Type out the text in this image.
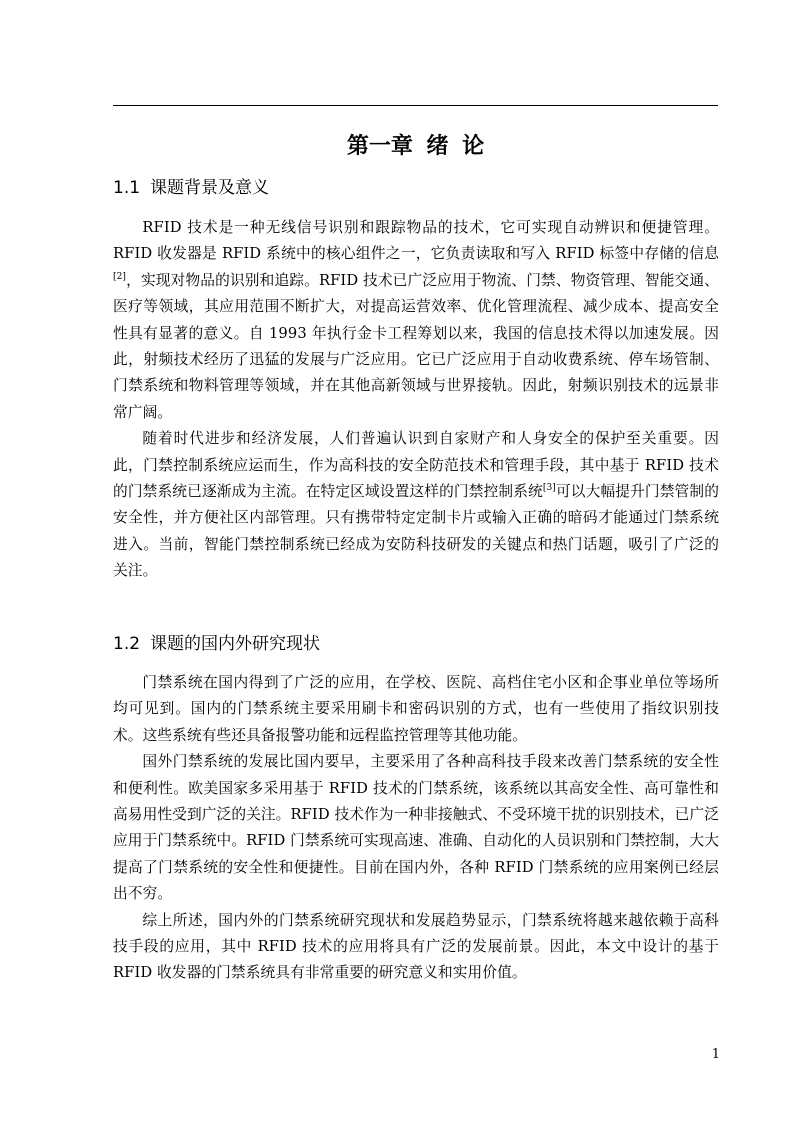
第一章 绪 论
1.1 课题背景及意义

RFID 技术是一种无线信号识别和跟踪物品的技术，它可实现自动辨识和便捷管理。RFID 收发器是 RFID 系统中的核心组件之一，它负责读取和写入 RFID 标签中存储的信息[2]，实现对物品的识别和追踪。RFID 技术已广泛应用于物流、门禁、物资管理、智能交通、医疗等领域，其应用范围不断扩大，对提高运营效率、优化管理流程、减少成本、提高安全性具有显著的意义。自 1993 年执行金卡工程筹划以来，我国的信息技术得以加速发展。因此，射频技术经历了迅猛的发展与广泛应用。它已广泛应用于自动收费系统、停车场管制、门禁系统和物料管理等领域，并在其他高新领域与世界接轨。因此，射频识别技术的远景非常广阔。

随着时代进步和经济发展，人们普遍认识到自家财产和人身安全的保护至关重要。因此，门禁控制系统应运而生，作为高科技的安全防范技术和管理手段，其中基于 RFID 技术的门禁系统已逐渐成为主流。在特定区域设置这样的门禁控制系统[3]可以大幅提升门禁管制的安全性，并方便社区内部管理。只有携带特定定制卡片或输入正确的暗码才能通过门禁系统进入。当前，智能门禁控制系统已经成为安防科技研发的关键点和热门话题，吸引了广泛的关注。

1.2 课题的国内外研究现状

门禁系统在国内得到了广泛的应用，在学校、医院、高档住宅小区和企事业单位等场所均可见到。国内的门禁系统主要采用刷卡和密码识别的方式，也有一些使用了指纹识别技术。这些系统有些还具备报警功能和远程监控管理等其他功能。

国外门禁系统的发展比国内要早，主要采用了各种高科技手段来改善门禁系统的安全性和便利性。欧美国家多采用基于 RFID 技术的门禁系统，该系统以其高安全性、高可靠性和高易用性受到广泛的关注。RFID 技术作为一种非接触式、不受环境干扰的识别技术，已广泛应用于门禁系统中。RFID 门禁系统可实现高速、准确、自动化的人员识别和门禁控制，大大提高了门禁系统的安全性和便捷性。目前在国内外，各种 RFID 门禁系统的应用案例已经层出不穷。

综上所述，国内外的门禁系统研究现状和发展趋势显示，门禁系统将越来越依赖于高科技手段的应用，其中 RFID 技术的应用将具有广泛的发展前景。因此，本文中设计的基于 RFID 收发器的门禁系统具有非常重要的研究意义和实用价值。

1
